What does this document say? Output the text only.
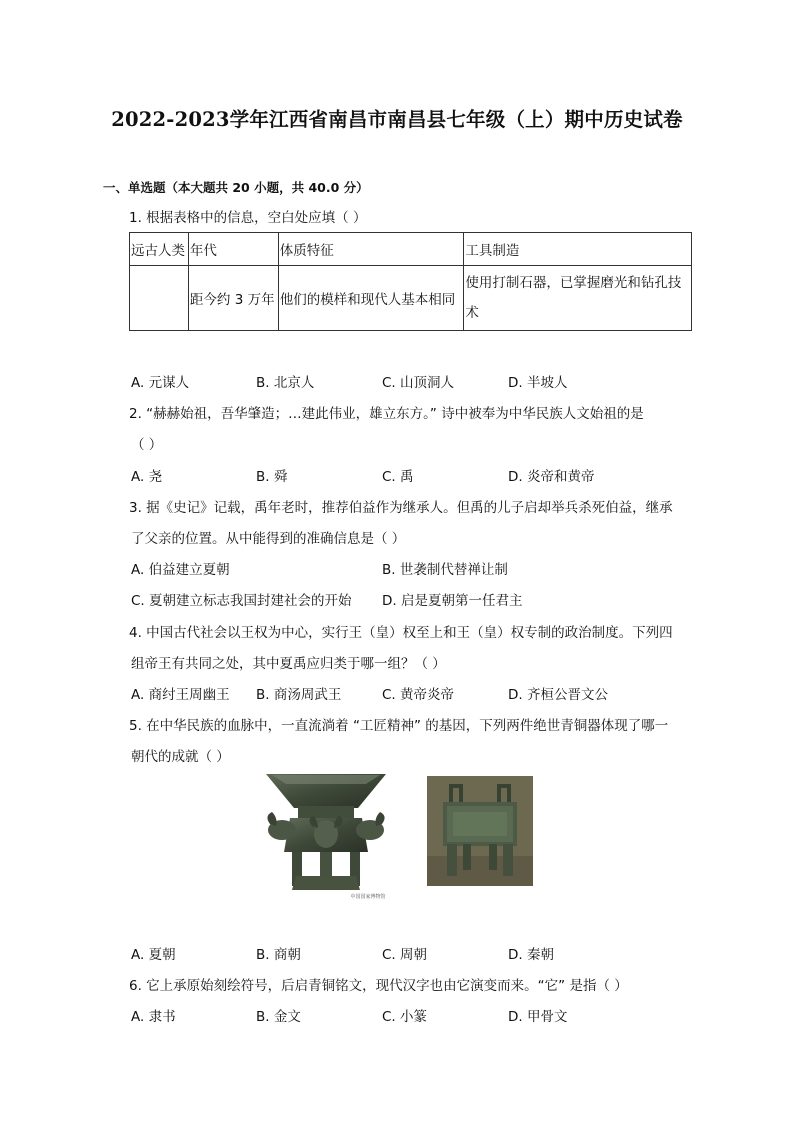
2022-2023学年江西省南昌市南昌县七年级（上）期中历史试卷
一、单选题（本大题共 20 小题，共 40.0 分）
1. 根据表格中的信息，空白处应填（ ）
远古人类	年代	体质特征	工具制造
	距今约 3 万年	他们的模样和现代人基本相同	使用打制石器，已掌握磨光和钻孔技术
A. 元谋人	B. 北京人	C. 山顶洞人	D. 半坡人
2. “赫赫始祖，吾华肇造；…建此伟业，雄立东方。” 诗中被奉为中华民族人文始祖的是
（ ）
A. 尧	B. 舜	C. 禹	D. 炎帝和黄帝
3. 据《史记》记载，禹年老时，推荐伯益作为继承人。但禹的儿子启却举兵杀死伯益，继承
了父亲的位置。从中能得到的准确信息是（ ）
A. 伯益建立夏朝	B. 世袭制代替禅让制
C. 夏朝建立标志我国封建社会的开始 D. 启是夏朝第一任君主
4. 中国古代社会以王权为中心，实行王（皇）权至上和王（皇）权专制的政治制度。下列四
组帝王有共同之处，其中夏禹应归类于哪一组？（ ）
A. 商纣王周幽王 B. 商汤周武王	C. 黄帝炎帝	D. 齐桓公晋文公
5. 在中华民族的血脉中，一直流淌着 “工匠精神” 的基因，下列两件绝世青铜器体现了哪一
朝代的成就（ ）
中国国家博物馆
A. 夏朝	B. 商朝	C. 周朝	D. 秦朝
6. 它上承原始刻绘符号，后启青铜铭文，现代汉字也由它演变而来。“它” 是指（ ）
A. 隶书	B. 金文	C. 小篆	D. 甲骨文
